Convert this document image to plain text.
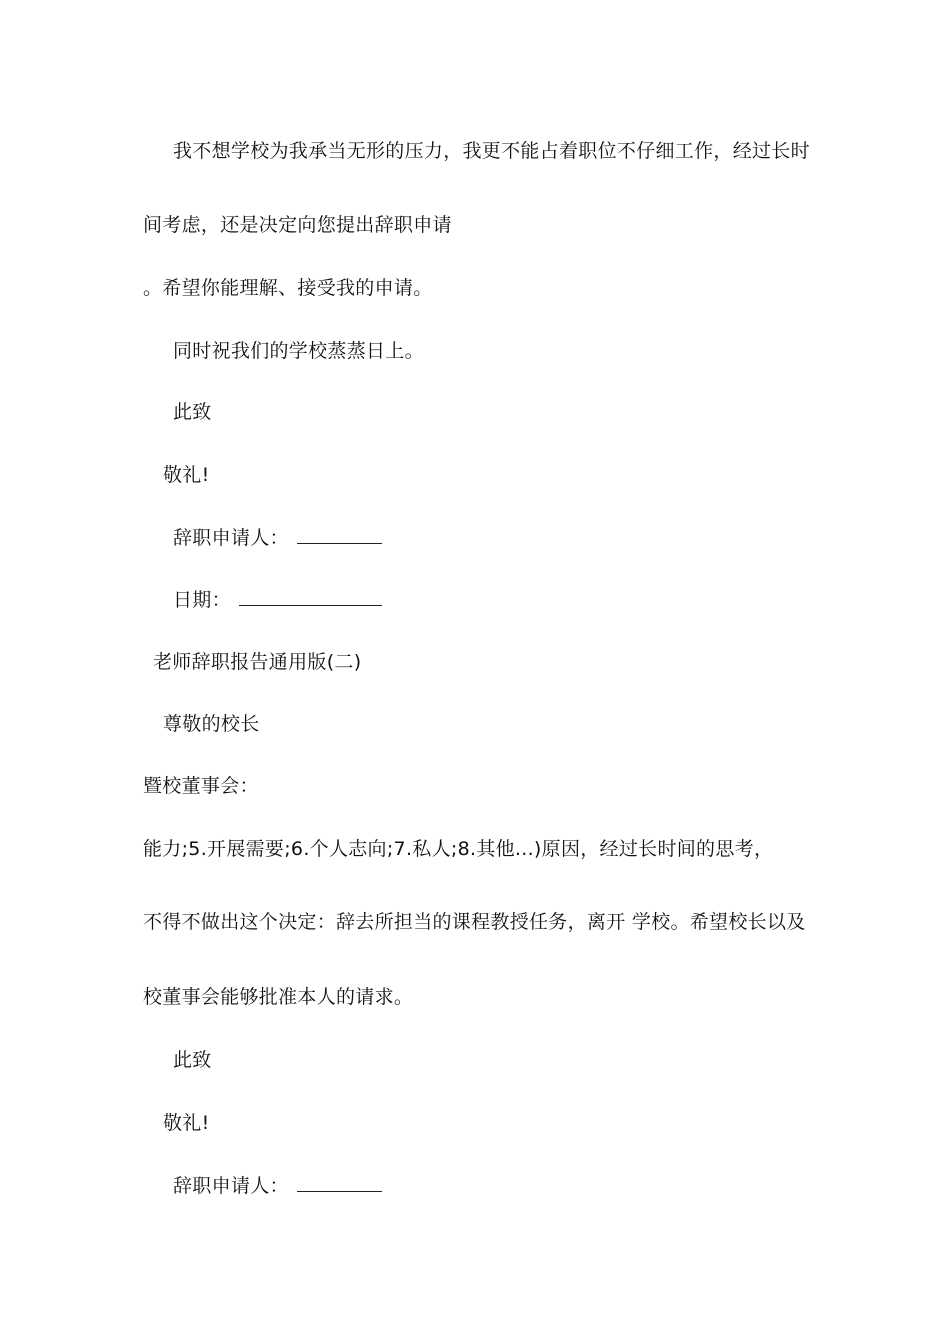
我不想学校为我承当无形的压力，我更不能占着职位不仔细工作，经过长时
间考虑，还是决定向您提出辞职申请
。希望你能理解、接受我的申请。
同时祝我们的学校蒸蒸日上。
此致
敬礼!
辞职申请人：
日期：
老师辞职报告通用版(二)
尊敬的校长
暨校董事会：
能力;5.开展需要;6.个人志向;7.私人;8.其他...)原因，经过长时间的思考，
不得不做出这个决定：辞去所担当的课程教授任务，离开 学校。希望校长以及
校董事会能够批准本人的请求。
此致
敬礼!
辞职申请人：
